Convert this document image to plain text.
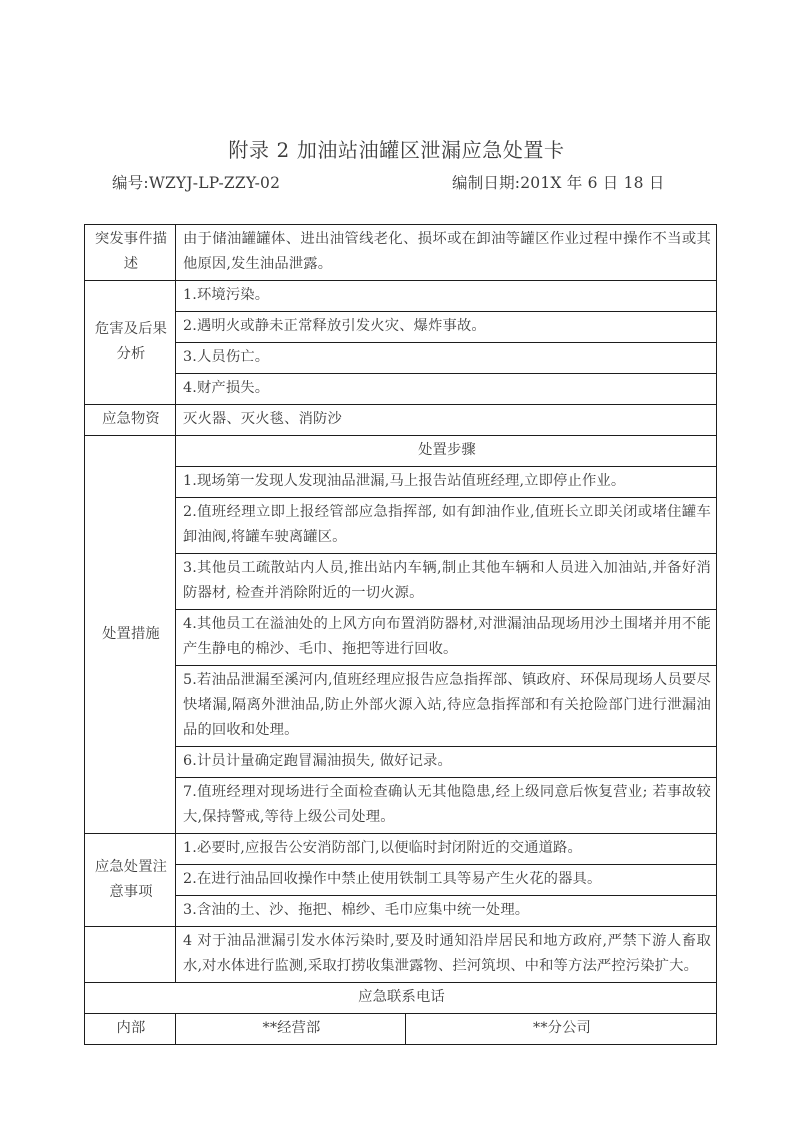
附录 2 加油站油罐区泄漏应急处置卡
编号:WZYJ-LP-ZZY-02	编制日期:201X 年 6 日 18 日
突发事件描述	由于储油罐罐体、进出油管线老化、损坏或在卸油等罐区作业过程中操作不当或其他原因,发生油品泄露。	
危害及后果分析	1.环境污染。	
	2.遇明火或静未正常释放引发火灾、爆炸事故。	
	3.人员伤亡。	
	4.财产损失。	
应急物资	灭火器、灭火毯、消防沙	
处置措施	处置步骤	
	1.现场第一发现人发现油品泄漏,马上报告站值班经理,立即停止作业。	
	2.值班经理立即上报经管部应急指挥部, 如有卸油作业,值班长立即关闭或堵住罐车卸油阀,将罐车驶离罐区。	
	3.其他员工疏散站内人员,推出站内车辆,制止其他车辆和人员进入加油站,并备好消防器材, 检查并消除附近的一切火源。	
	4.其他员工在溢油处的上风方向布置消防器材,对泄漏油品现场用沙土围堵并用不能产生静电的棉沙、毛巾、拖把等进行回收。	
	5.若油品泄漏至溪河内,值班经理应报告应急指挥部、镇政府、环保局现场人员要尽快堵漏,隔离外泄油品,防止外部火源入站,待应急指挥部和有关抢险部门进行泄漏油品的回收和处理。	
	6.计员计量确定跑冒漏油损失, 做好记录。	
	7.值班经理对现场进行全面检查确认无其他隐患,经上级同意后恢复营业; 若事故较大,保持警戒,等待上级公司处理。	
应急处置注意事项	1.必要时,应报告公安消防部门,以便临时封闭附近的交通道路。	
	2.在进行油品回收操作中禁止使用铁制工具等易产生火花的器具。	
	3.含油的土、沙、拖把、棉纱、毛巾应集中统一处理。	
	4 对于油品泄漏引发水体污染时,要及时通知沿岸居民和地方政府,严禁下游人畜取水,对水体进行监测,采取打捞收集泄露物、拦河筑坝、中和等方法严控污染扩大。	
应急联系电话		
内部	**经营部	**分公司
